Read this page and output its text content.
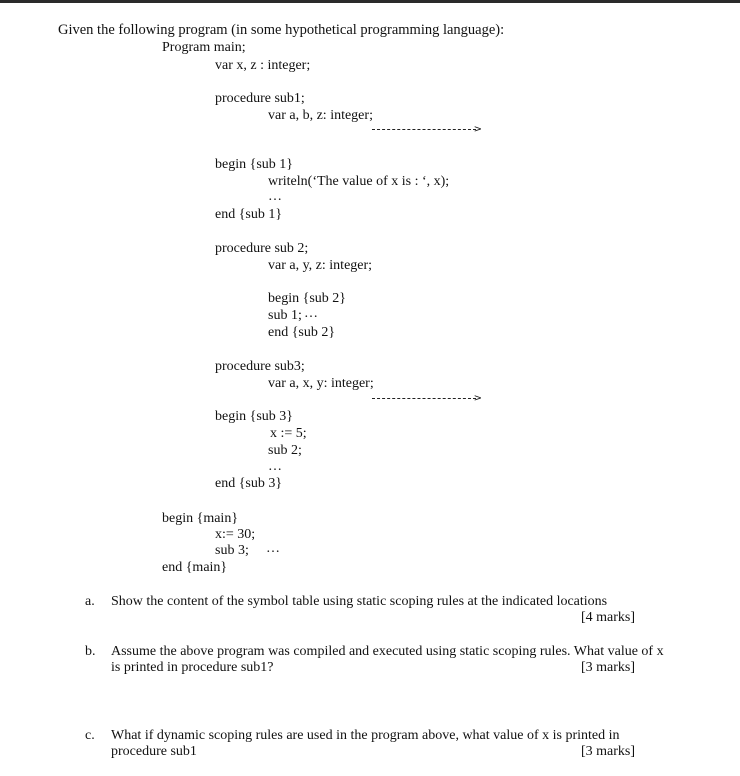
Given the following program (in some hypothetical programming language):
Program main;
var x, z : integer;
procedure sub1;
var a, b, z: integer;
>
begin {sub 1}
writeln(‘The value of x is : ‘, x);
…
end {sub 1}
procedure sub 2;
var a, y, z: integer;
begin {sub 2}
sub 1; …
end {sub 2}
procedure sub3;
var a, x, y: integer;
>
begin {sub 3}
x := 5;
sub 2;
…
end {sub 3}
begin {main}
x:= 30;
sub 3; …
end {main}
a. Show the content of the symbol table using static scoping rules at the indicated locations
[4 marks]
b. Assume the above program was compiled and executed using static scoping rules. What value of x
is printed in procedure sub1?	[3 marks]
c. What if dynamic scoping rules are used in the program above, what value of x is printed in
procedure sub1	[3 marks]
